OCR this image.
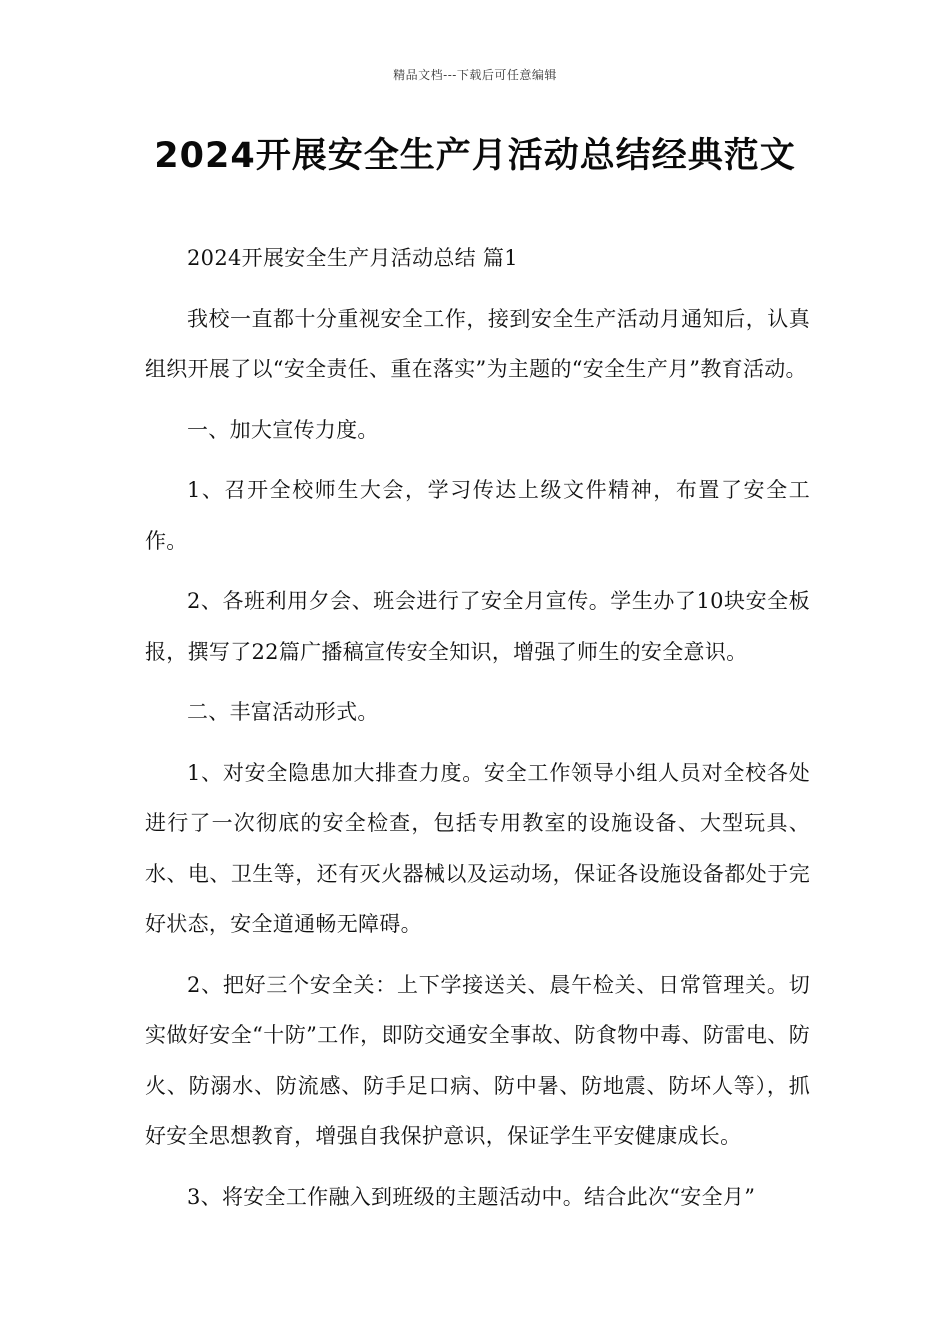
精品文档---下载后可任意编辑
2024开展安全生产月活动总结经典范文

2024开展安全生产月活动总结 篇1

我校一直都十分重视安全工作，接到安全生产活动月通知后，认真组织开展了以“安全责任、重在落实”为主题的“安全生产月”教育活动。

一、加大宣传力度。

1、召开全校师生大会，学习传达上级文件精神，布置了安全工作。

2、各班利用夕会、班会进行了安全月宣传。学生办了10块安全板报，撰写了22篇广播稿宣传安全知识，增强了师生的安全意识。

二、丰富活动形式。

1、对安全隐患加大排查力度。安全工作领导小组人员对全校各处进行了一次彻底的安全检查，包括专用教室的设施设备、大型玩具、水、电、卫生等，还有灭火器械以及运动场，保证各设施设备都处于完好状态，安全道通畅无障碍。

2、把好三个安全关：上下学接送关、晨午检关、日常管理关。切实做好安全“十防”工作，即防交通安全事故、防食物中毒、防雷电、防火、防溺水、防流感、防手足口病、防中暑、防地震、防坏人等），抓好安全思想教育，增强自我保护意识，保证学生平安健康成长。

3、将安全工作融入到班级的主题活动中。结合此次“安全月”
